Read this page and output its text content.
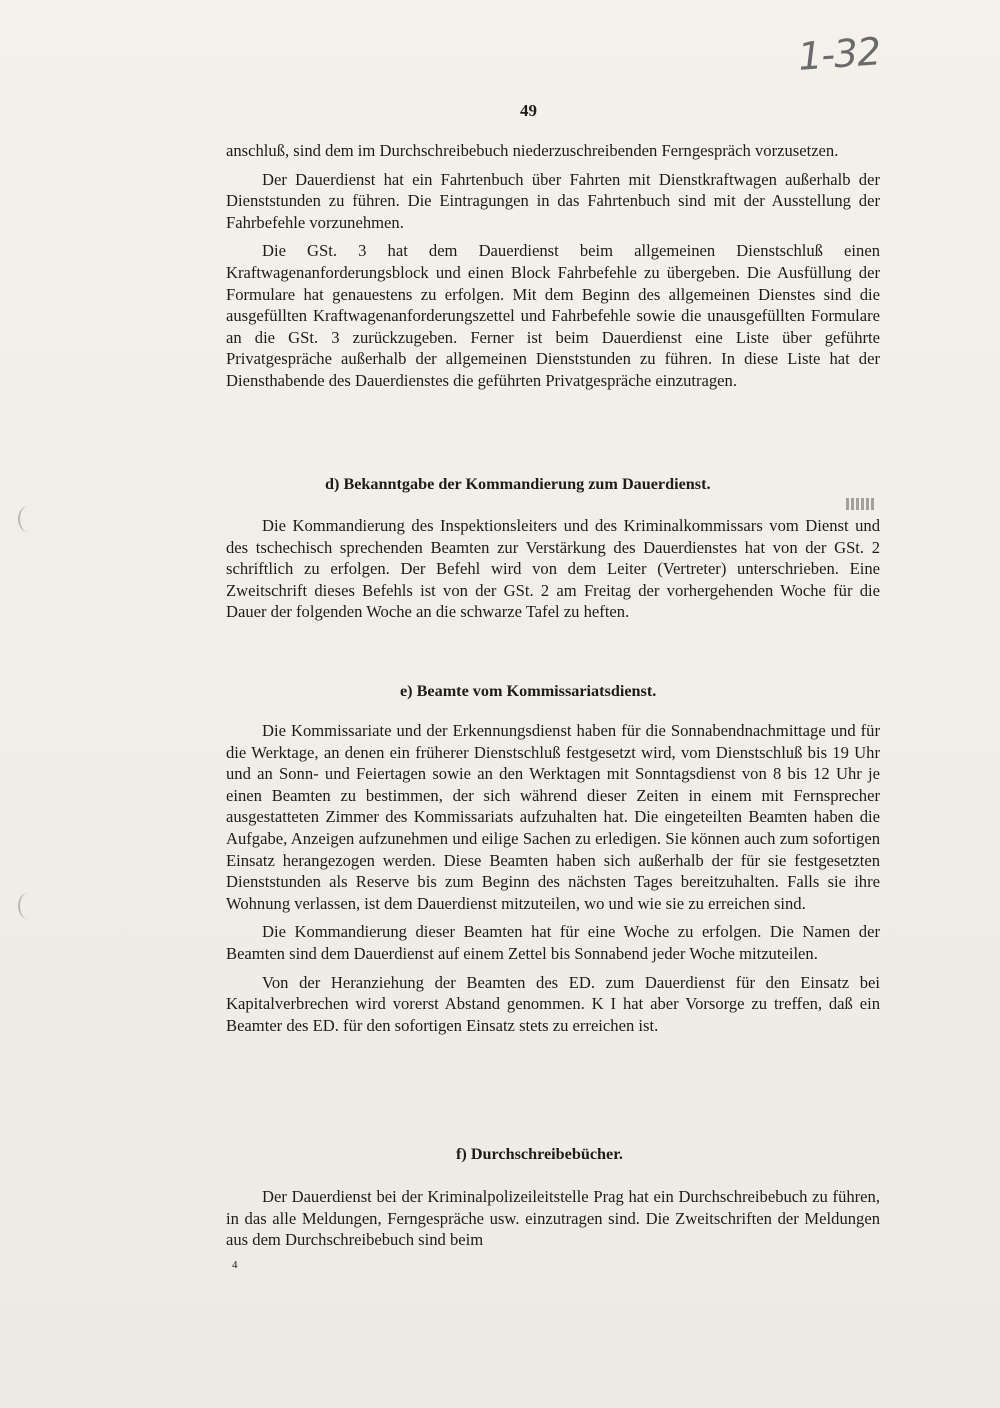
1-32
49

anschluß, sind dem im Durchschreibebuch niederzuschreibenden Ferngespräch vorzusetzen.

Der Dauerdienst hat ein Fahrtenbuch über Fahrten mit Dienstkraftwagen außerhalb der Dienststunden zu führen. Die Eintragungen in das Fahrtenbuch sind mit der Ausstellung der Fahrbefehle vorzunehmen.

Die GSt. 3 hat dem Dauerdienst beim allgemeinen Dienstschluß einen Kraftwagenanforderungsblock und einen Block Fahrbefehle zu übergeben. Die Ausfüllung der Formulare hat genauestens zu erfolgen. Mit dem Beginn des allgemeinen Dienstes sind die ausgefüllten Kraftwagenanforderungszettel und Fahrbefehle sowie die unausgefüllten Formulare an die GSt. 3 zurückzugeben. Ferner ist beim Dauerdienst eine Liste über geführte Privatgespräche außerhalb der allgemeinen Dienststunden zu führen. In diese Liste hat der Diensthabende des Dauerdienstes die geführten Privatgespräche einzutragen.

d) Bekanntgabe der Kommandierung zum Dauerdienst.

Die Kommandierung des Inspektionsleiters und des Kriminalkommissars vom Dienst und des tschechisch sprechenden Beamten zur Verstärkung des Dauerdienstes hat von der GSt. 2 schriftlich zu erfolgen. Der Befehl wird von dem Leiter (Vertreter) unterschrieben. Eine Zweitschrift dieses Befehls ist von der GSt. 2 am Freitag der vorhergehenden Woche für die Dauer der folgenden Woche an die schwarze Tafel zu heften.

e) Beamte vom Kommissariatsdienst.

Die Kommissariate und der Erkennungsdienst haben für die Sonnabendnachmittage und für die Werktage, an denen ein früherer Dienstschluß festgesetzt wird, vom Dienstschluß bis 19 Uhr und an Sonn- und Feiertagen sowie an den Werktagen mit Sonntagsdienst von 8 bis 12 Uhr je einen Beamten zu bestimmen, der sich während dieser Zeiten in einem mit Fernsprecher ausgestatteten Zimmer des Kommissariats aufzuhalten hat. Die eingeteilten Beamten haben die Aufgabe, Anzeigen aufzunehmen und eilige Sachen zu erledigen. Sie können auch zum sofortigen Einsatz herangezogen werden. Diese Beamten haben sich außerhalb der für sie festgesetzten Dienststunden als Reserve bis zum Beginn des nächsten Tages bereitzuhalten. Falls sie ihre Wohnung verlassen, ist dem Dauerdienst mitzuteilen, wo und wie sie zu erreichen sind.

Die Kommandierung dieser Beamten hat für eine Woche zu erfolgen. Die Namen der Beamten sind dem Dauerdienst auf einem Zettel bis Sonnabend jeder Woche mitzuteilen.

Von der Heranziehung der Beamten des ED. zum Dauerdienst für den Einsatz bei Kapitalverbrechen wird vorerst Abstand genommen. K I hat aber Vorsorge zu treffen, daß ein Beamter des ED. für den sofortigen Einsatz stets zu erreichen ist.

f) Durchschreibebücher.

Der Dauerdienst bei der Kriminalpolizeileitstelle Prag hat ein Durchschreibebuch zu führen, in das alle Meldungen, Ferngespräche usw. einzutragen sind. Die Zweitschriften der Meldungen aus dem Durchschreibebuch sind beim

4
